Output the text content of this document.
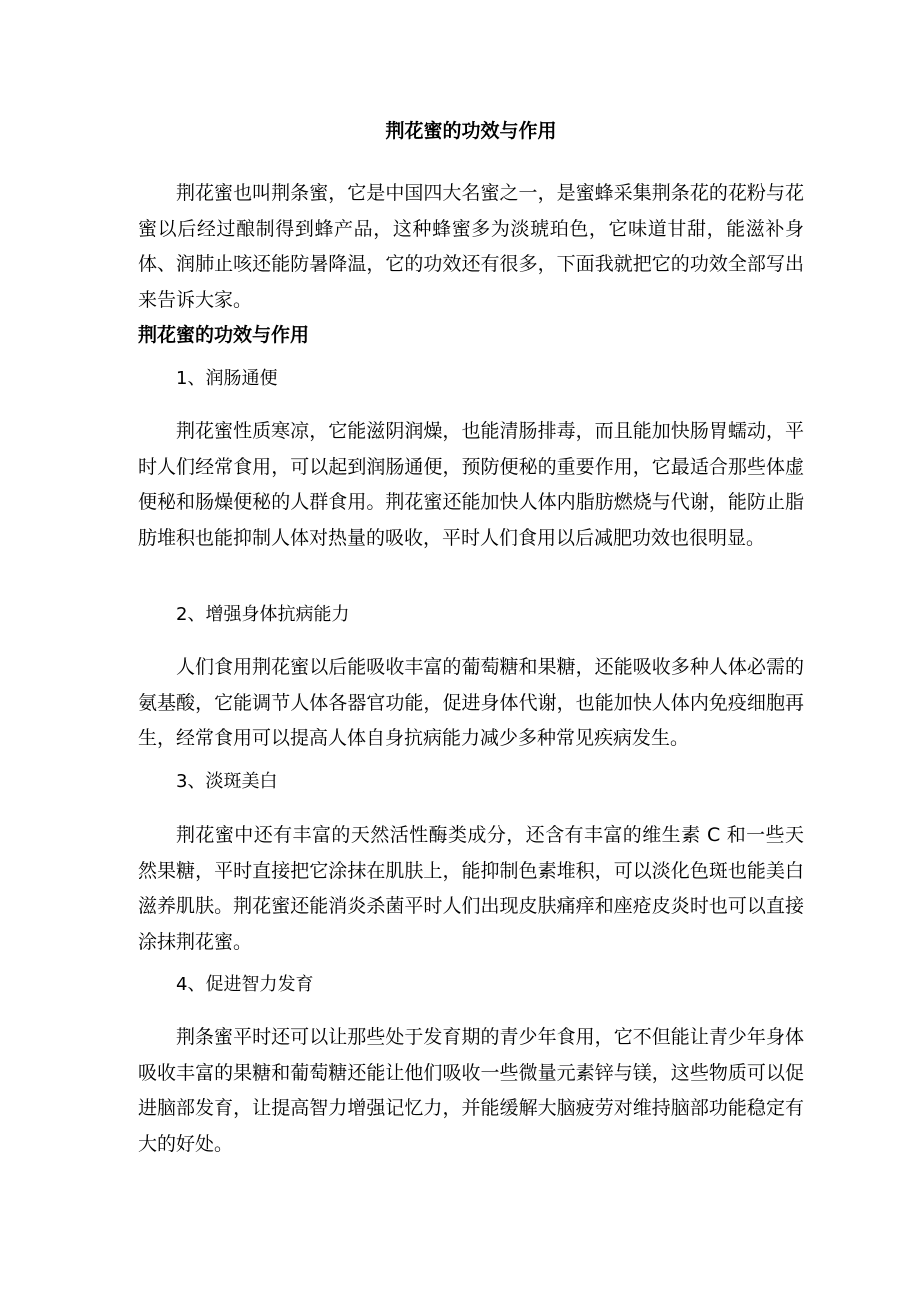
荆花蜜的功效与作用

荆花蜜也叫荆条蜜，它是中国四大名蜜之一，是蜜蜂采集荆条花的花粉与花蜜以后经过酿制得到蜂产品，这种蜂蜜多为淡琥珀色，它味道甘甜，能滋补身体、润肺止咳还能防暑降温，它的功效还有很多，下面我就把它的功效全部写出来告诉大家。

荆花蜜的功效与作用

1、润肠通便

荆花蜜性质寒凉，它能滋阴润燥，也能清肠排毒，而且能加快肠胃蠕动，平时人们经常食用，可以起到润肠通便，预防便秘的重要作用，它最适合那些体虚便秘和肠燥便秘的人群食用。荆花蜜还能加快人体内脂肪燃烧与代谢，能防止脂肪堆积也能抑制人体对热量的吸收，平时人们食用以后减肥功效也很明显。

2、增强身体抗病能力

人们食用荆花蜜以后能吸收丰富的葡萄糖和果糖，还能吸收多种人体必需的氨基酸，它能调节人体各器官功能，促进身体代谢，也能加快人体内免疫细胞再生，经常食用可以提高人体自身抗病能力减少多种常见疾病发生。

3、淡斑美白

荆花蜜中还有丰富的天然活性酶类成分，还含有丰富的维生素 C 和一些天然果糖，平时直接把它涂抹在肌肤上，能抑制色素堆积，可以淡化色斑也能美白滋养肌肤。荆花蜜还能消炎杀菌平时人们出现皮肤痛痒和座疮皮炎时也可以直接涂抹荆花蜜。

4、促进智力发育

荆条蜜平时还可以让那些处于发育期的青少年食用，它不但能让青少年身体吸收丰富的果糖和葡萄糖还能让他们吸收一些微量元素锌与镁，这些物质可以促进脑部发育，让提高智力增强记忆力，并能缓解大脑疲劳对维持脑部功能稳定有大的好处。
